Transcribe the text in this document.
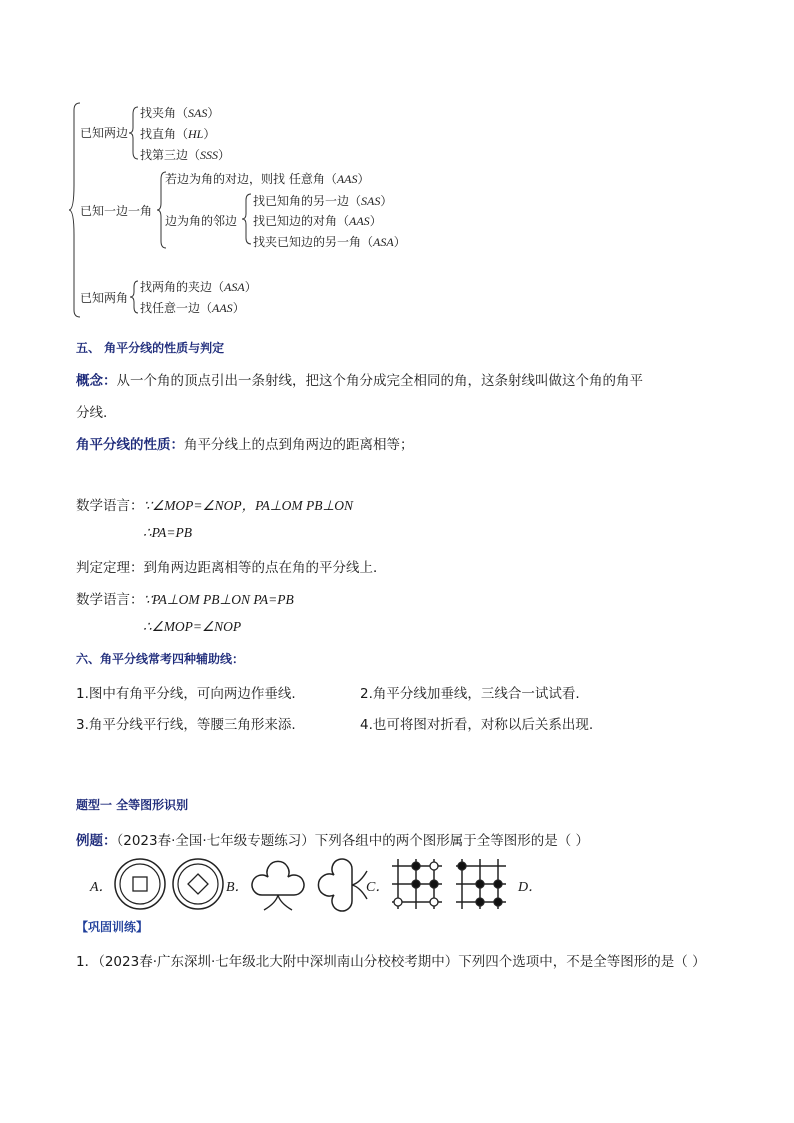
已知两边
找夹角（SAS）
找直角（HL）
找第三边（SSS）
已知一边一角
若边为角的对边，则找 任意角（AAS）
边为角的邻边
找已知角的另一边（SAS）
找已知边的对角（AAS）
找夹已知边的另一角（ASA）
已知两角
找两角的夹边（ASA）
找任意一边（AAS）
五、 角平分线的性质与判定
概念：从一个角的顶点引出一条射线，把这个角分成完全相同的角，这条射线叫做这个角的角平
分线.
角平分线的性质：角平分线上的点到角两边的距离相等；
数学语言：∵∠MOP=∠NOP，PA⊥OM PB⊥ON
∴PA=PB
判定定理：到角两边距离相等的点在角的平分线上．
数学语言：∵PA⊥OM PB⊥ON PA=PB
∴∠MOP=∠NOP
六、角平分线常考四种辅助线：
1.图中有角平分线，可向两边作垂线.	2.角平分线加垂线，三线合一试试看.
3.角平分线平行线，等腰三角形来添.	4.也可将图对折看，对称以后关系出现.
题型一 全等图形识别
例题：（2023春·全国·七年级专题练习）下列各组中的两个图形属于全等图形的是（ ）
A．	B．	C．	D．
【巩固训练】
1．（2023春·广东深圳·七年级北大附中深圳南山分校校考期中）下列四个选项中，不是全等图形的是（ ）
